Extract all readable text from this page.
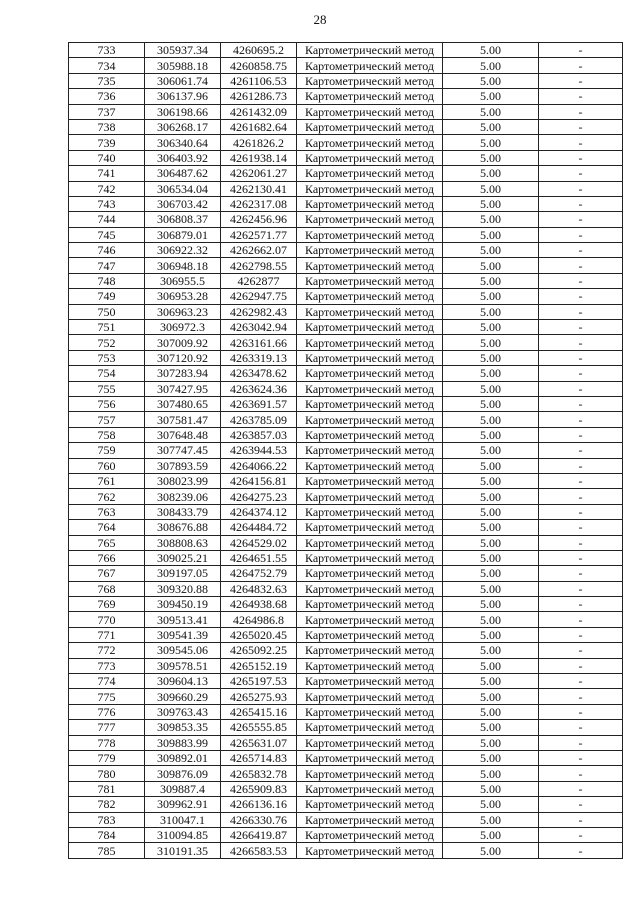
28
733	305937.34	4260695.2	Картометрический метод	5.00	-
734	305988.18	4260858.75	Картометрический метод	5.00	-
735	306061.74	4261106.53	Картометрический метод	5.00	-
736	306137.96	4261286.73	Картометрический метод	5.00	-
737	306198.66	4261432.09	Картометрический метод	5.00	-
738	306268.17	4261682.64	Картометрический метод	5.00	-
739	306340.64	4261826.2	Картометрический метод	5.00	-
740	306403.92	4261938.14	Картометрический метод	5.00	-
741	306487.62	4262061.27	Картометрический метод	5.00	-
742	306534.04	4262130.41	Картометрический метод	5.00	-
743	306703.42	4262317.08	Картометрический метод	5.00	-
744	306808.37	4262456.96	Картометрический метод	5.00	-
745	306879.01	4262571.77	Картометрический метод	5.00	-
746	306922.32	4262662.07	Картометрический метод	5.00	-
747	306948.18	4262798.55	Картометрический метод	5.00	-
748	306955.5	4262877	Картометрический метод	5.00	-
749	306953.28	4262947.75	Картометрический метод	5.00	-
750	306963.23	4262982.43	Картометрический метод	5.00	-
751	306972.3	4263042.94	Картометрический метод	5.00	-
752	307009.92	4263161.66	Картометрический метод	5.00	-
753	307120.92	4263319.13	Картометрический метод	5.00	-
754	307283.94	4263478.62	Картометрический метод	5.00	-
755	307427.95	4263624.36	Картометрический метод	5.00	-
756	307480.65	4263691.57	Картометрический метод	5.00	-
757	307581.47	4263785.09	Картометрический метод	5.00	-
758	307648.48	4263857.03	Картометрический метод	5.00	-
759	307747.45	4263944.53	Картометрический метод	5.00	-
760	307893.59	4264066.22	Картометрический метод	5.00	-
761	308023.99	4264156.81	Картометрический метод	5.00	-
762	308239.06	4264275.23	Картометрический метод	5.00	-
763	308433.79	4264374.12	Картометрический метод	5.00	-
764	308676.88	4264484.72	Картометрический метод	5.00	-
765	308808.63	4264529.02	Картометрический метод	5.00	-
766	309025.21	4264651.55	Картометрический метод	5.00	-
767	309197.05	4264752.79	Картометрический метод	5.00	-
768	309320.88	4264832.63	Картометрический метод	5.00	-
769	309450.19	4264938.68	Картометрический метод	5.00	-
770	309513.41	4264986.8	Картометрический метод	5.00	-
771	309541.39	4265020.45	Картометрический метод	5.00	-
772	309545.06	4265092.25	Картометрический метод	5.00	-
773	309578.51	4265152.19	Картометрический метод	5.00	-
774	309604.13	4265197.53	Картометрический метод	5.00	-
775	309660.29	4265275.93	Картометрический метод	5.00	-
776	309763.43	4265415.16	Картометрический метод	5.00	-
777	309853.35	4265555.85	Картометрический метод	5.00	-
778	309883.99	4265631.07	Картометрический метод	5.00	-
779	309892.01	4265714.83	Картометрический метод	5.00	-
780	309876.09	4265832.78	Картометрический метод	5.00	-
781	309887.4	4265909.83	Картометрический метод	5.00	-
782	309962.91	4266136.16	Картометрический метод	5.00	-
783	310047.1	4266330.76	Картометрический метод	5.00	-
784	310094.85	4266419.87	Картометрический метод	5.00	-
785	310191.35	4266583.53	Картометрический метод	5.00	-
